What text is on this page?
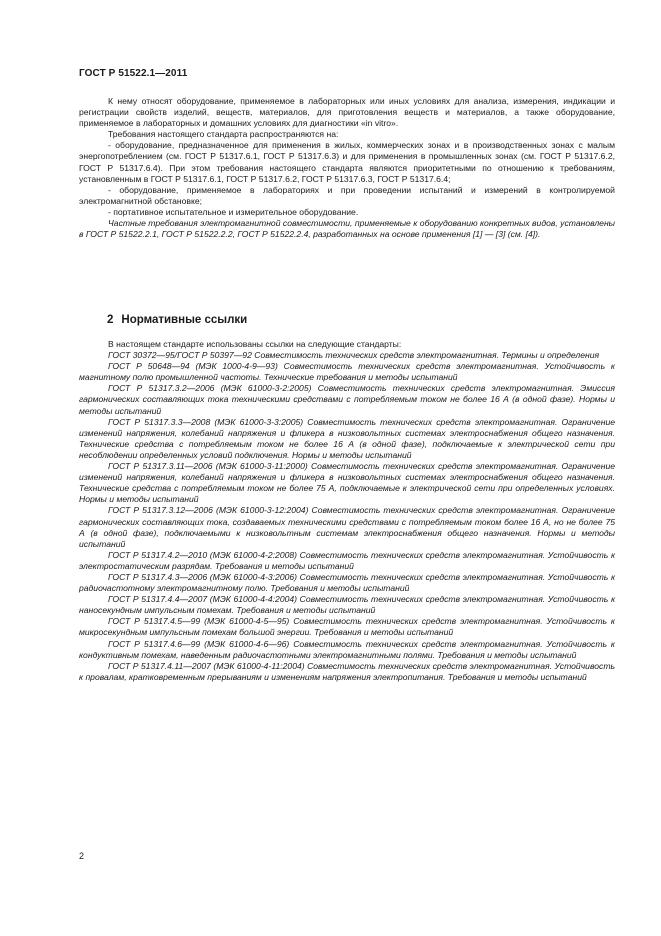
ГОСТ Р 51522.1—2011

К нему относят оборудование, применяемое в лабораторных или иных условиях для анализа, измерения, индикации и регистрации свойств изделий, веществ, материалов, для приготовления веществ и материалов, а также оборудование, применяемое в лабораторных и домашних условиях для диагностики «in vitro».

Требования настоящего стандарта распространяются на:

- оборудование, предназначенное для применения в жилых, коммерческих зонах и в производственных зонах с малым энергопотреблением (см. ГОСТ Р 51317.6.1, ГОСТ Р 51317.6.3) и для применения в промышленных зонах (см. ГОСТ Р 51317.6.2, ГОСТ Р 51317.6.4). При этом требования настоящего стандарта являются приоритетными по отношению к требованиям, установленным в ГОСТ Р 51317.6.1, ГОСТ Р 51317.6.2, ГОСТ Р 51317.6.3, ГОСТ Р 51317.6.4;

- оборудование, применяемое в лабораториях и при проведении испытаний и измерений в контролируемой электромагнитной обстановке;

- портативное испытательное и измерительное оборудование.

Частные требования электромагнитной совместимости, применяемые к оборудованию конкретных видов, установлены в ГОСТ Р 51522.2.1, ГОСТ Р 51522.2.2, ГОСТ Р 51522.2.4, разработанных на основе применения [1] — [3] (см. [4]).

2 Нормативные ссылки

В настоящем стандарте использованы ссылки на следующие стандарты:

ГОСТ 30372—95/ГОСТ Р 50397—92 Совместимость технических средств электромагнитная. Термины и определения

ГОСТ Р 50648—94 (МЭК 1000-4-9—93) Совместимость технических средств электромагнитная. Устойчивость к магнитному полю промышленной частоты. Технические требования и методы испытаний

ГОСТ Р 51317.3.2—2006 (МЭК 61000-3-2:2005) Совместимость технических средств электромагнитная. Эмиссия гармонических составляющих тока техническими средствами с потребляемым током не более 16 А (в одной фазе). Нормы и методы испытаний

ГОСТ Р 51317.3.3—2008 (МЭК 61000-3-3:2005) Совместимость технических средств электромагнитная. Ограничение изменений напряжения, колебаний напряжения и фликера в низковольтных системах электроснабжения общего назначения. Технические средства с потребляемым током не более 16 А (в одной фазе), подключаемые к электрической сети при несоблюдении определенных условий подключения. Нормы и методы испытаний

ГОСТ Р 51317.3.11—2006 (МЭК 61000-3-11:2000) Совместимость технических средств электромагнитная. Ограничение изменений напряжения, колебаний напряжения и фликера в низковольтных системах электроснабжения общего назначения. Технические средства с потребляемым током не более 75 А, подключаемые к электрической сети при определенных условиях. Нормы и методы испытаний

ГОСТ Р 51317.3.12—2006 (МЭК 61000-3-12:2004) Совместимость технических средств электромагнитная. Ограничение гармонических составляющих тока, создаваемых техническими средствами с потребляемым током более 16 А, но не более 75 А (в одной фазе), подключаемыми к низковольтным системам электроснабжения общего назначения. Нормы и методы испытаний

ГОСТ Р 51317.4.2—2010 (МЭК 61000-4-2:2008) Совместимость технических средств электромагнитная. Устойчивость к электростатическим разрядам. Требования и методы испытаний

ГОСТ Р 51317.4.3—2006 (МЭК 61000-4-3:2006) Совместимость технических средств электромагнитная. Устойчивость к радиочастотному электромагнитному полю. Требования и методы испытаний

ГОСТ Р 51317.4.4—2007 (МЭК 61000-4-4:2004) Совместимость технических средств электромагнитная. Устойчивость к наносекундным импульсным помехам. Требования и методы испытаний

ГОСТ Р 51317.4.5—99 (МЭК 61000-4-5—95) Совместимость технических средств электромагнитная. Устойчивость к микросекундным импульсным помехам большой энергии. Требования и методы испытаний

ГОСТ Р 51317.4.6—99 (МЭК 61000-4-6—96) Совместимость технических средств электромагнитная. Устойчивость к кондуктивным помехам, наведенным радиочастотными электромагнитными полями. Требования и методы испытаний

ГОСТ Р 51317.4.11—2007 (МЭК 61000-4-11:2004) Совместимость технических средств электромагнитная. Устойчивость к провалам, кратковременным прерываниям и изменениям напряжения электропитания. Требования и методы испытаний

2
